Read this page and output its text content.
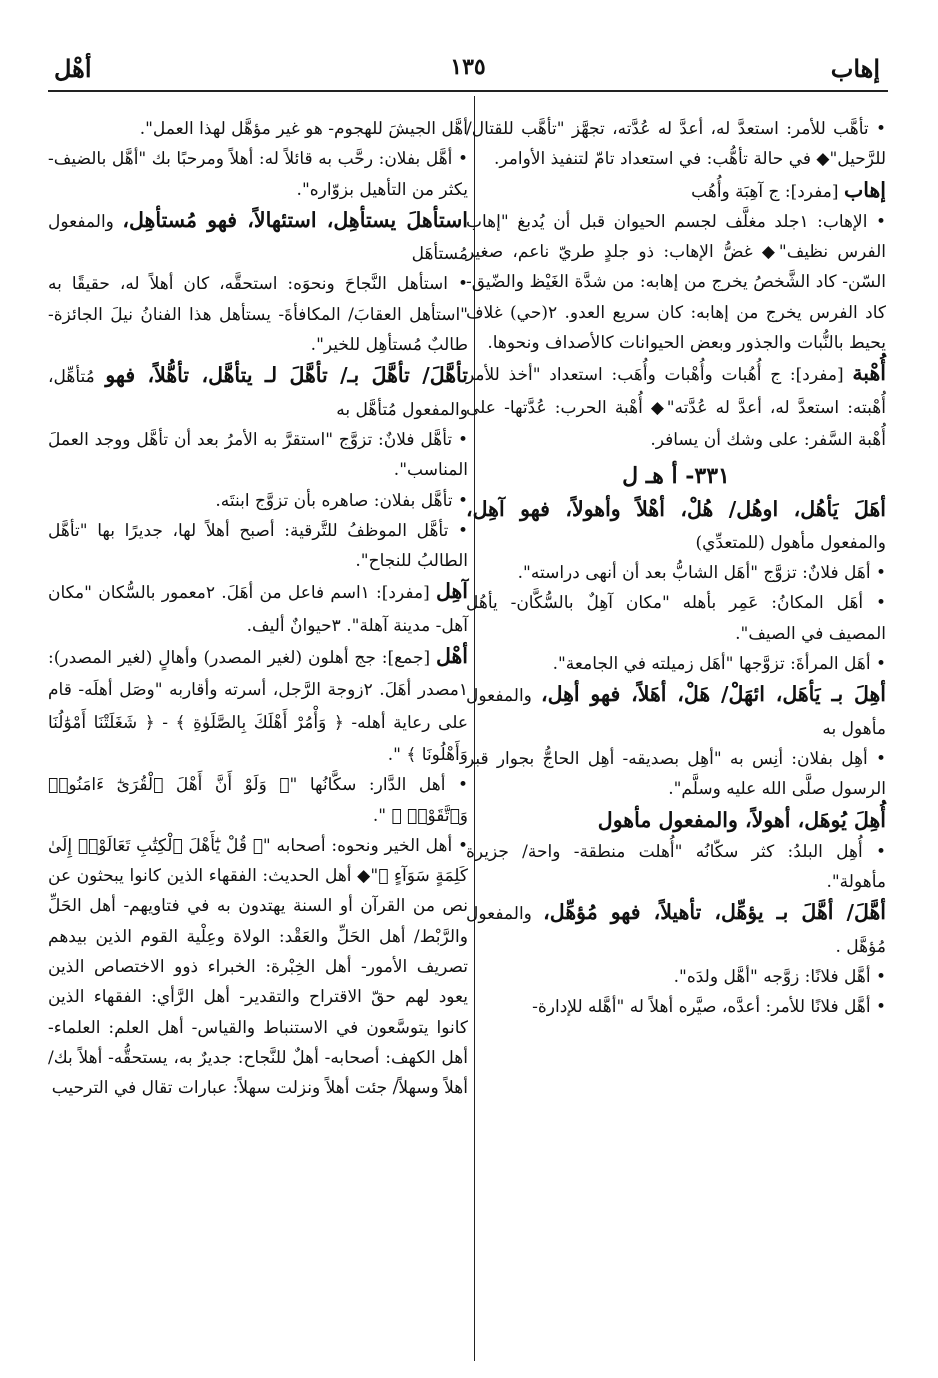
إهاب
١٣٥
أهْل

• تأهَّب للأمر: استعدَّ له، أعدَّ له عُدَّته، تجهَّز "تأهَّب للقتال/ للرَّحيل"◆ في حالة تأهُّب: في استعداد تامّ لتنفيذ الأوامر.

إهاب [مفرد]: ج آهِبَة وأُهُب

• الإهاب: ١جلد مغلَّف لجسم الحيوان قبل أن يُدبغ "إهاب الفرس نظيف"◆ غضُّ الإهاب: ذو جلدٍ طريّ ناعم، صغير السّن- كاد الشَّخصُ يخرج من إهابه: من شدَّة الغَيْظ والضّيق- كاد الفرس يخرج من إهابه: كان سريع العدو. ٢(حي) غلاف يحيط بالنُّبات والجذور وبعض الحيوانات كالأصداف ونحوها.

أُهْبة [مفرد]: ج أُهُبات وأُهْبات وأُهَب: استعداد "أخذ للأمر أُهْبته: استعدَّ له، أعدَّ له عُدَّته"◆ أُهْبة الحرب: عُدَّتها- على أُهْبة السَّفر: على وشك أن يسافر.

٣٣١- أ هـ ل

أهَلَ يَأهُل، اوهُل/ هُلْ، أهْلاً وأهولاً، فهو آهِل، والمفعول مأهول (للمتعدِّي)

• أهَل فلانٌ: تزوَّج "أهَل الشابُّ بعد أن أنهى دراسته".

• أهَل المكانُ: عَمِر بأهله "مكان آهِلٌ بالسُّكَّان- يأهُل المصيف في الصيف".

• أهَل المرأةَ: تزوَّجها "أهَل زميلته في الجامعة".

أهِلَ بـ يَأهَل، ائهَلْ/ هَلْ، أهَلاً، فهو أهِل، والمفعول مأهول به

• أهِل بفلان: أنِس به "أهِل بصديقه- أهِل الحاجُّ بجوار قبر الرسول صلَّى الله عليه وسلَّم".

أُهِلَ يُوهَل، أهولاً، والمفعول مأهول

• أُهِل البلدُ: كثر سكّانُه "أُهلت منطقة- واحة/ جزيرة مأهولة".

أهَّلَ/ أهَّلَ بـ يؤهِّل، تأهيلاً، فهو مُؤهِّل، والمفعول مُؤهَّل .

• أهَّل فلانًا: زوَّجه "أهَّل ولدَه".

• أهَّل فلانًا للأمر: أعدَّه، صيَّره أهلاً له "أهَّله للإدارة-

أهَّل الجيشَ للهجوم- هو غير مؤهَّل لهذا العمل".

• أهَّل بفلان: رحَّب به قائلاً له: أهلاً ومرحبًا بك "أهَّل بالضيف- يكثر من التأهيل بزوّاره".

استأهلَ يستأهِل، استئهالاً، فهو مُستأهِل، والمفعول مُستأهَل

• استأهل النَّجاحَ ونحوَه: استحقَّه، كان أهلاً له، حقيقًا به "استأهل العقابَ/ المكافأةَ- يستأهل هذا الفنانُ نيلَ الجائزة- طالبٌ مُستأهِل للخير".

تأهَّلَ/ تأهَّلَ بـ/ تأهَّلَ لـ يتأهَّل، تأهُّلاً، فهو مُتأهِّل، والمفعول مُتأهَّل به

• تأهَّل فلانٌ: تزوَّج "استقرَّ به الأمرُ بعد أن تأهَّل ووجد العملَ المناسب".

• تأهَّل بفلان: صاهره بأن تزوَّج ابنتَه.

• تأهَّل الموظفُ للتَّرقية: أصبح أهلاً لها، جديرًا بها "تأهَّل الطالبُ للنجاح".

آهِل [مفرد]: ١اسم فاعل من أهَلَ. ٢معمور بالسُّكان "مكان آهل- مدينة آهلة". ٣حيوانٌ أليف.

أهْل [جمع]: جج أهلون (لغير المصدر) وأهالٍ (لغير المصدر): ١مصدر أهَلَ. ٢زوجة الرَّجل، أسرته وأقاربه "وصَل أهلَه- قام على رعاية أهله- ﴿ وَأْمُرْ أَهْلَكَ بِالصَّلَوٰةِ ﴾ - ﴿ شَغَلَتْنَا أَمْوَٰلُنَا وَأَهْلُونَا ﴾ ".

• أهل الدَّار: سكَّانُها "﴿ وَلَوْ أَنَّ أَهْلَ ٱلْقُرَىٰٓ ءَامَنُوا۟ وَٱتَّقَوْا۟ ﴾ ".

• أهل الخير ونحوه: أصحابه "﴿ قُلْ يَٰٓأَهْلَ ٱلْكِتَٰبِ تَعَالَوْا۟ إِلَىٰ كَلِمَةٍ سَوَآءٍ ﴾"◆ أهل الحديث: الفقهاء الذين كانوا يبحثون عن نص من القرآن أو السنة يهتدون به في فتاويهم- أهل الحَلِّ والرَّبْط/ أهل الحَلِّ والعَقْد: الولاة وعِلْية القوم الذين بيدهم تصريف الأمور- أهل الخِبْرة: الخبراء ذوو الاختصاص الذين يعود لهم حقّ الاقتراح والتقدير- أهل الرَّأي: الفقهاء الذين كانوا يتوسَّعون في الاستنباط والقياس- أهل العلم: العلماء- أهل الكهف: أصحابه- أهلٌ للنَّجاح: جديرٌ به، يستحقُّه- أهلاً بك/ أهلاً وسهلاً/ جئت أهلاً ونزلت سهلاً: عبارات تقال في الترحيب
